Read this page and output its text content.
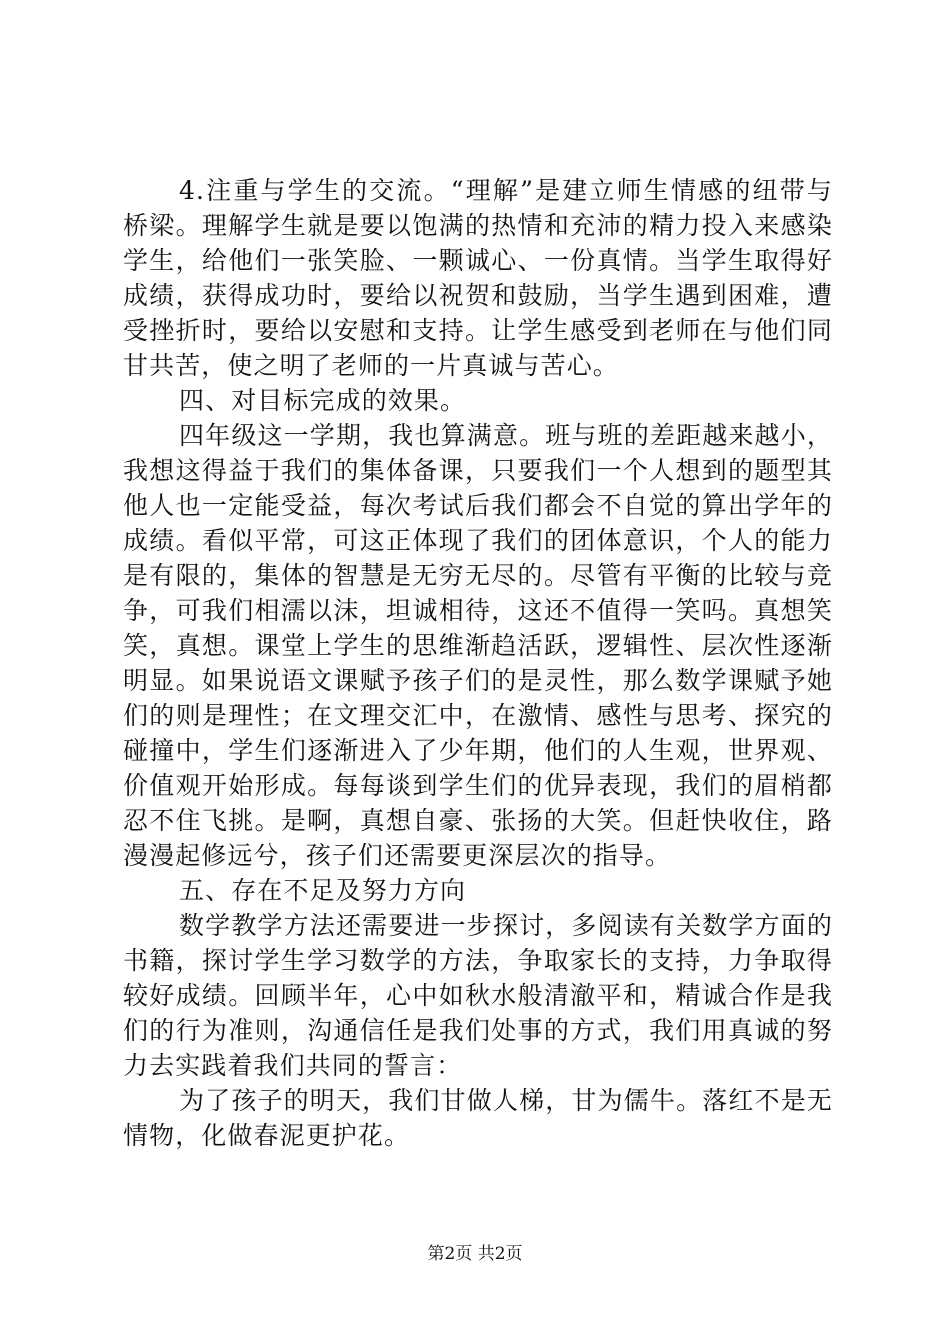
4.注重与学生的交流。“理解”是建立师生情感的纽带与桥梁。理解学生就是要以饱满的热情和充沛的精力投入来感染学生，给他们一张笑脸、一颗诚心、一份真情。当学生取得好成绩，获得成功时，要给以祝贺和鼓励，当学生遇到困难，遭受挫折时，要给以安慰和支持。让学生感受到老师在与他们同甘共苦，使之明了老师的一片真诚与苦心。

四、对目标完成的效果。

四年级这一学期，我也算满意。班与班的差距越来越小，我想这得益于我们的集体备课，只要我们一个人想到的题型其他人也一定能受益，每次考试后我们都会不自觉的算出学年的成绩。看似平常，可这正体现了我们的团体意识，个人的能力是有限的，集体的智慧是无穷无尽的。尽管有平衡的比较与竞争，可我们相濡以沫，坦诚相待，这还不值得一笑吗。真想笑笑，真想。课堂上学生的思维渐趋活跃，逻辑性、层次性逐渐明显。如果说语文课赋予孩子们的是灵性，那么数学课赋予她们的则是理性；在文理交汇中，在激情、感性与思考、探究的碰撞中，学生们逐渐进入了少年期，他们的人生观，世界观、价值观开始形成。每每谈到学生们的优异表现，我们的眉梢都忍不住飞挑。是啊，真想自豪、张扬的大笑。但赶快收住，路漫漫起修远兮，孩子们还需要更深层次的指导。

五、存在不足及努力方向

数学教学方法还需要进一步探讨，多阅读有关数学方面的书籍，探讨学生学习数学的方法，争取家长的支持，力争取得较好成绩。回顾半年，心中如秋水般清澈平和，精诚合作是我们的行为准则，沟通信任是我们处事的方式，我们用真诚的努力去实践着我们共同的誓言：

为了孩子的明天，我们甘做人梯，甘为儒牛。落红不是无情物，化做春泥更护花。

第2页 共2页
